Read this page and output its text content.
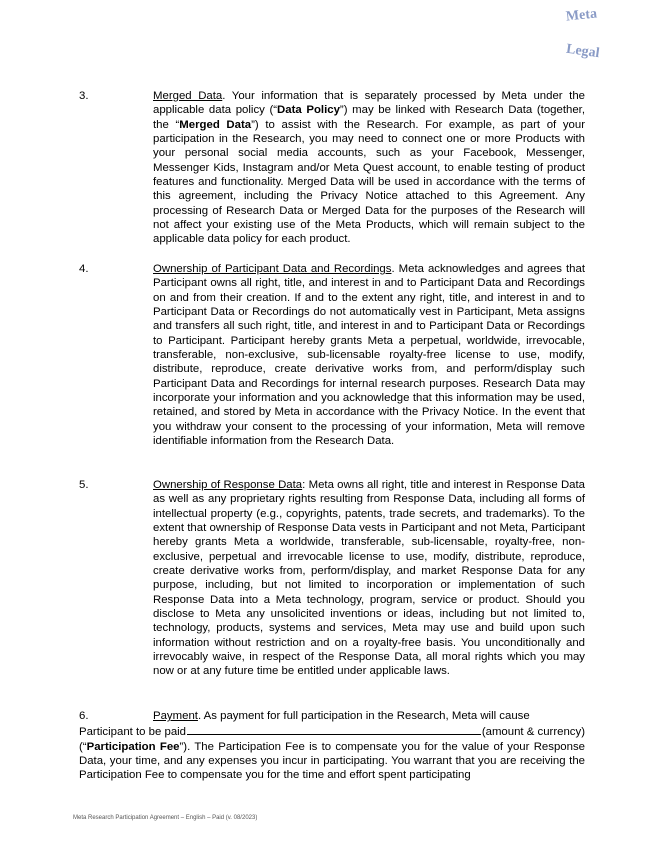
Meta
Legal
3.	Merged Data. Your information that is separately processed by Meta under the applicable data policy (“Data Policy”) may be linked with Research Data (together, the “Merged Data”) to assist with the Research. For example, as part of your participation in the Research, you may need to connect one or more Products with your personal social media accounts, such as your Facebook, Messenger, Messenger Kids, Instagram and/or Meta Quest account, to enable testing of product features and functionality. Merged Data will be used in accordance with the terms of this agreement, including the Privacy Notice attached to this Agreement. Any processing of Research Data or Merged Data for the purposes of the Research will not affect your existing use of the Meta Products, which will remain subject to the applicable data policy for each product.
4.	Ownership of Participant Data and Recordings. Meta acknowledges and agrees that Participant owns all right, title, and interest in and to Participant Data and Recordings on and from their creation. If and to the extent any right, title, and interest in and to Participant Data or Recordings do not automatically vest in Participant, Meta assigns and transfers all such right, title, and interest in and to Participant Data or Recordings to Participant. Participant hereby grants Meta a perpetual, worldwide, irrevocable, transferable, non-exclusive, sub-licensable royalty-free license to use, modify, distribute, reproduce, create derivative works from, and perform/display such Participant Data and Recordings for internal research purposes. Research Data may incorporate your information and you acknowledge that this information may be used, retained, and stored by Meta in accordance with the Privacy Notice. In the event that you withdraw your consent to the processing of your information, Meta will remove identifiable information from the Research Data.
5.	Ownership of Response Data: Meta owns all right, title and interest in Response Data as well as any proprietary rights resulting from Response Data, including all forms of intellectual property (e.g., copyrights, patents, trade secrets, and trademarks). To the extent that ownership of Response Data vests in Participant and not Meta, Participant hereby grants Meta a worldwide, transferable, sub-licensable, royalty-free, non-exclusive, perpetual and irrevocable license to use, modify, distribute, reproduce, create derivative works from, perform/display, and market Response Data for any purpose, including, but not limited to incorporation or implementation of such Response Data into a Meta technology, program, service or product. Should you disclose to Meta any unsolicited inventions or ideas, including but not limited to, technology, products, systems and services, Meta may use and build upon such information without restriction and on a royalty-free basis. You unconditionally and irrevocably waive, in respect of the Response Data, all moral rights which you may now or at any future time be entitled under applicable laws.
6.	Payment. As payment for full participation in the Research, Meta will cause
Participant to be paid	(amount & currency)
(“Participation Fee”). The Participation Fee is to compensate you for the value of your Response Data, your time, and any expenses you incur in participating. You warrant that you are receiving the Participation Fee to compensate you for the time and effort spent participating
Meta Research Participation Agreement – English – Paid (v. 08/2023)
